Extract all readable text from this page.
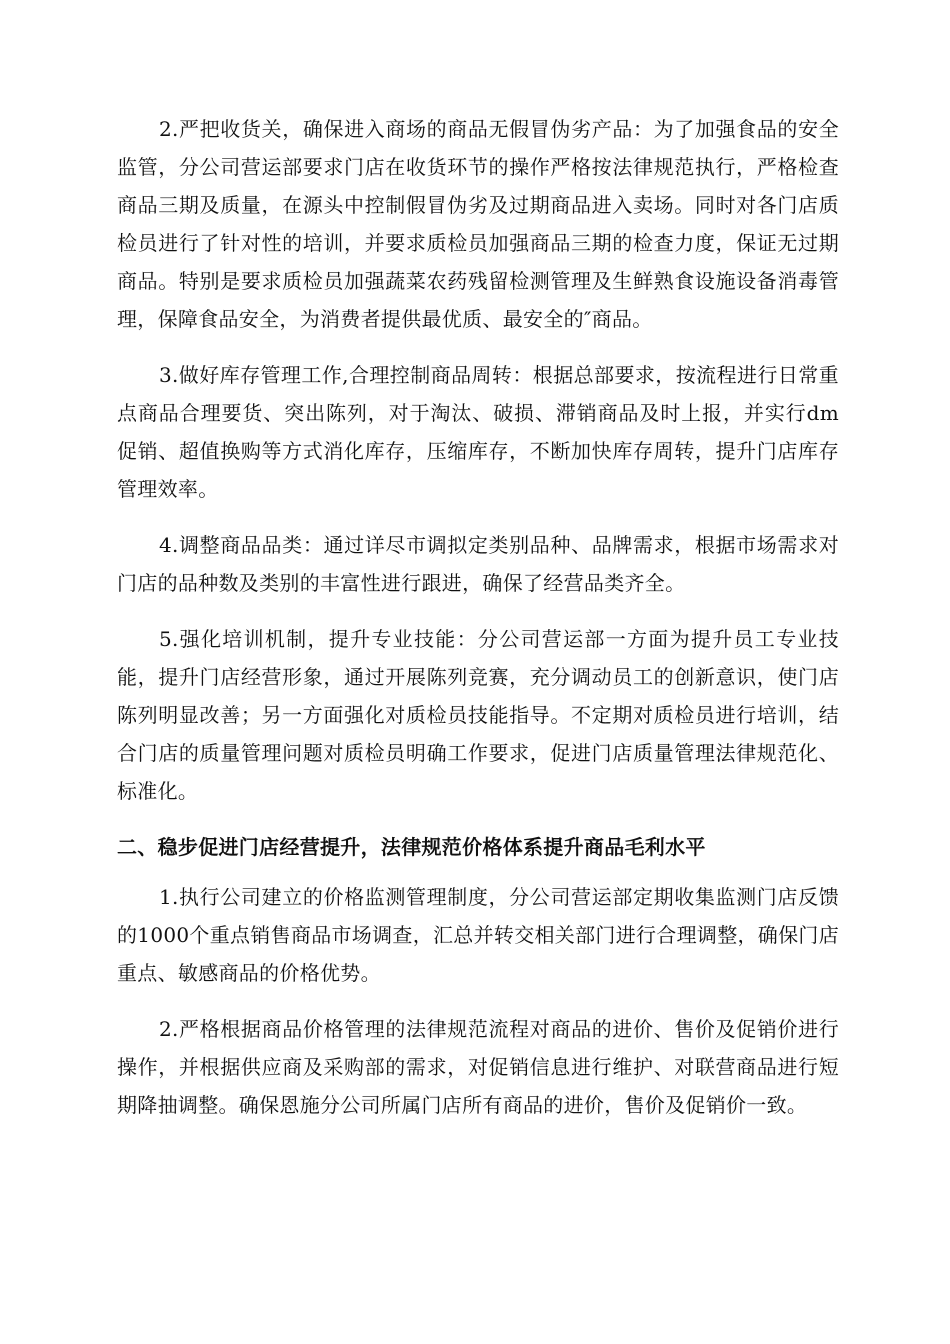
2.严把收货关，确保进入商场的商品无假冒伪劣产品：为了加强食品的安全监管，分公司营运部要求门店在收货环节的操作严格按法律规范执行，严格检查商品三期及质量，在源头中控制假冒伪劣及过期商品进入卖场。同时对各门店质检员进行了针对性的培训，并要求质检员加强商品三期的检查力度，保证无过期商品。特别是要求质检员加强蔬菜农药残留检测管理及生鲜熟食设施设备消毒管理，保障食品安全，为消费者提供最优质、最安全的″商品。

3.做好库存管理工作,合理控制商品周转：根据总部要求，按流程进行日常重点商品合理要货、突出陈列，对于淘汰、破损、滞销商品及时上报，并实行dm促销、超值换购等方式消化库存，压缩库存，不断加快库存周转，提升门店库存管理效率。

4.调整商品品类：通过详尽市调拟定类别品种、品牌需求，根据市场需求对门店的品种数及类别的丰富性进行跟进，确保了经营品类齐全。

5.强化培训机制，提升专业技能：分公司营运部一方面为提升员工专业技能，提升门店经营形象，通过开展陈列竞赛，充分调动员工的创新意识，使门店陈列明显改善；另一方面强化对质检员技能指导。不定期对质检员进行培训，结合门店的质量管理问题对质检员明确工作要求，促进门店质量管理法律规范化、标准化。

二、稳步促进门店经营提升，法律规范价格体系提升商品毛利水平

1.执行公司建立的价格监测管理制度，分公司营运部定期收集监测门店反馈的1000个重点销售商品市场调查，汇总并转交相关部门进行合理调整，确保门店重点、敏感商品的价格优势。

2.严格根据商品价格管理的法律规范流程对商品的进价、售价及促销价进行操作，并根据供应商及采购部的需求，对促销信息进行维护、对联营商品进行短期降抽调整。确保恩施分公司所属门店所有商品的进价，售价及促销价一致。
